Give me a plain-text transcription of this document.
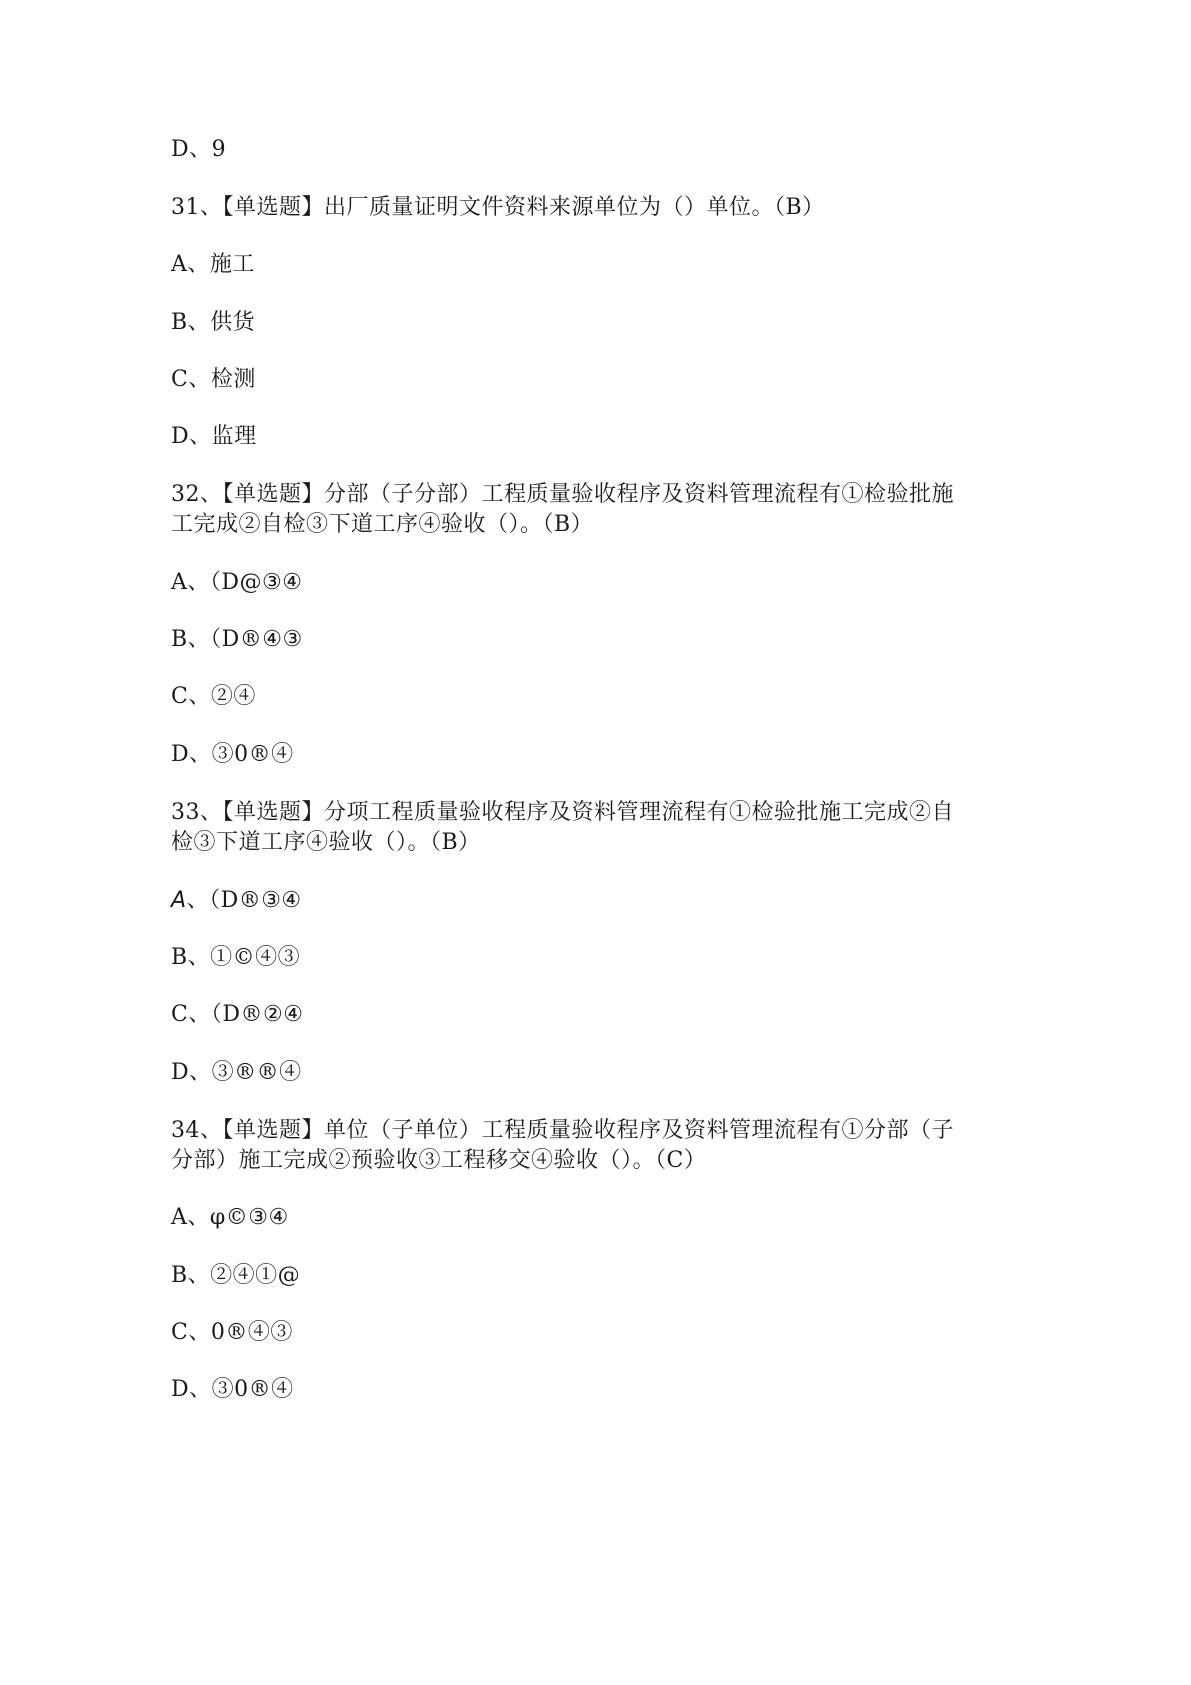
D、9
31、【单选题】出厂质量证明文件资料来源单位为（）单位。（B）
A、施工
B、供货
C、检测
D、监理
32、【单选题】分部（子分部）工程质量验收程序及资料管理流程有①检验批施
工完成②自检③下道工序④验收（）。（B）
A、（D@③④
B、（D®④③
C、②④
D、③0®④
33、【单选题】分项工程质量验收程序及资料管理流程有①检验批施工完成②自
检③下道工序④验收（）。（B）
A、（D®③④
B、①©④③
C、（D®②④
D、③®®④
34、【单选题】单位（子单位）工程质量验收程序及资料管理流程有①分部（子
分部）施工完成②预验收③工程移交④验收（）。（C）
A、φ©③④
B、②④①@
C、0®④③
D、③0®④
